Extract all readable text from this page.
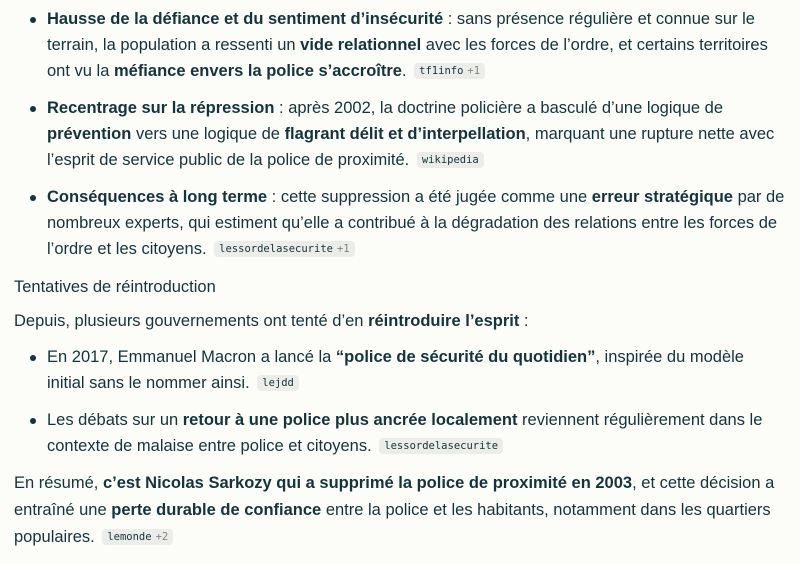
Hausse de la défiance et du sentiment d’insécurité : sans présence régulière et connue sur le terrain, la population a ressenti un vide relationnel avec les forces de l’ordre, et certains territoires ont vu la méfiance envers la police s’accroître. tf1info +1
Recentrage sur la répression : après 2002, la doctrine policière a basculé d’une logique de prévention vers une logique de flagrant délit et d’interpellation, marquant une rupture nette avec l’esprit de service public de la police de proximité. wikipedia
Conséquences à long terme : cette suppression a été jugée comme une erreur stratégique par de nombreux experts, qui estiment qu’elle a contribué à la dégradation des relations entre les forces de l’ordre et les citoyens. lessordelasecurite +1
Tentatives de réintroduction

Depuis, plusieurs gouvernements ont tenté d’en réintroduire l’esprit :

En 2017, Emmanuel Macron a lancé la “police de sécurité du quotidien”, inspirée du modèle initial sans le nommer ainsi. lejdd
Les débats sur un retour à une police plus ancrée localement reviennent régulièrement dans le contexte de malaise entre police et citoyens. lessordelasecurite

En résumé, c’est Nicolas Sarkozy qui a supprimé la police de proximité en 2003, et cette décision a entraîné une perte durable de confiance entre la police et les habitants, notamment dans les quartiers populaires. lemonde +2
